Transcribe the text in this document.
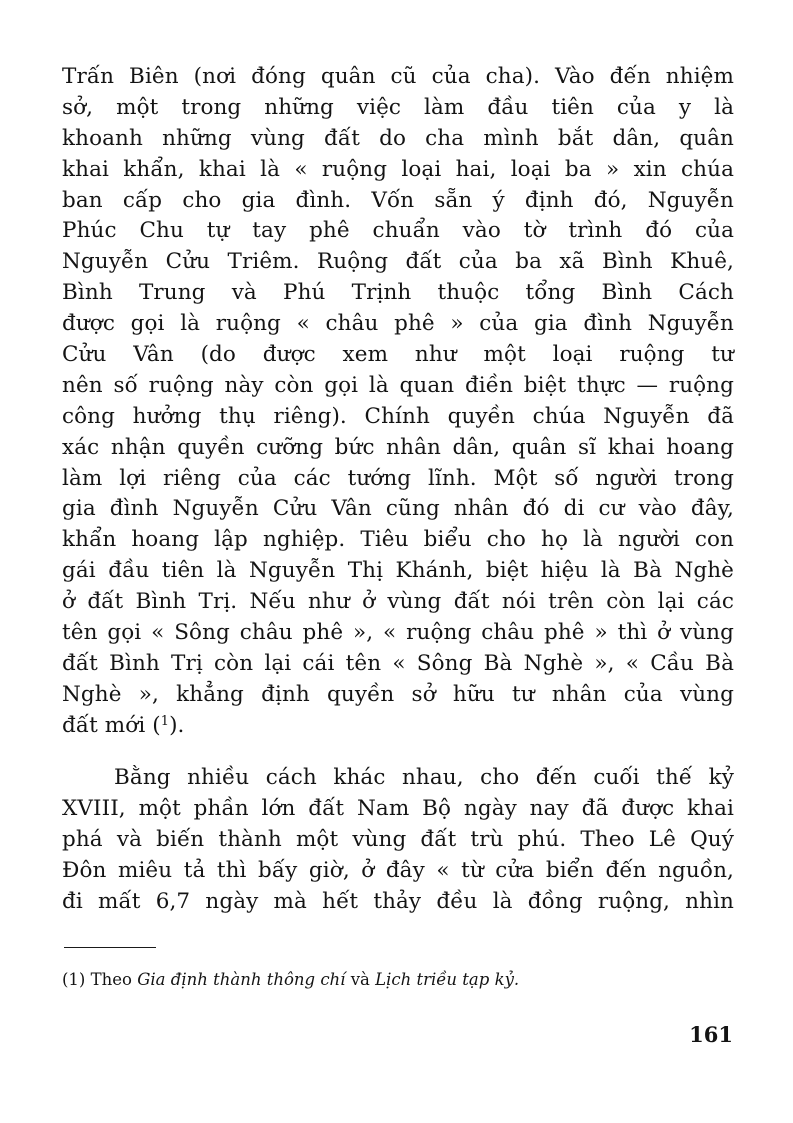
Trấn Biên (nơi đóng quân cũ của cha). Vào đến nhiệm
sở, một trong những việc làm đầu tiên của y là
khoanh những vùng đất do cha mình bắt dân, quân
khai khẩn, khai là « ruộng loại hai, loại ba » xin chúa
ban cấp cho gia đình. Vốn sẵn ý định đó, Nguyễn
Phúc Chu tự tay phê chuẩn vào tờ trình đó của
Nguyễn Cửu Triêm. Ruộng đất của ba xã Bình Khuê,
Bình Trung và Phú Trịnh thuộc tổng Bình Cách
được gọi là ruộng « châu phê » của gia đình Nguyễn
Cửu Vân (do được xem như một loại ruộng tư
nên số ruộng này còn gọi là quan điền biệt thực — ruộng
công hưởng thụ riêng). Chính quyền chúa Nguyễn đã
xác nhận quyền cưỡng bức nhân dân, quân sĩ khai hoang
làm lợi riêng của các tướng lĩnh. Một số người trong
gia đình Nguyễn Cửu Vân cũng nhân đó di cư vào đây,
khẩn hoang lập nghiệp. Tiêu biểu cho họ là người con
gái đầu tiên là Nguyễn Thị Khánh, biệt hiệu là Bà Nghè
ở đất Bình Trị. Nếu như ở vùng đất nói trên còn lại các
tên gọi « Sông châu phê », « ruộng châu phê » thì ở vùng
đất Bình Trị còn lại cái tên « Sông Bà Nghè », « Cầu Bà
Nghè », khẳng định quyền sở hữu tư nhân của vùng
đất mới ($^1$).
Bằng nhiều cách khác nhau, cho đến cuối thế kỷ
XVIII, một phần lớn đất Nam Bộ ngày nay đã được khai
phá và biến thành một vùng đất trù phú. Theo Lê Quý
Đôn miêu tả thì bấy giờ, ở đây « từ cửa biển đến nguồn,
đi mất 6,7 ngày mà hết thảy đều là đồng ruộng, nhìn
(1) Theo Gia định thành thông chí và Lịch triều tạp kỷ.
161
